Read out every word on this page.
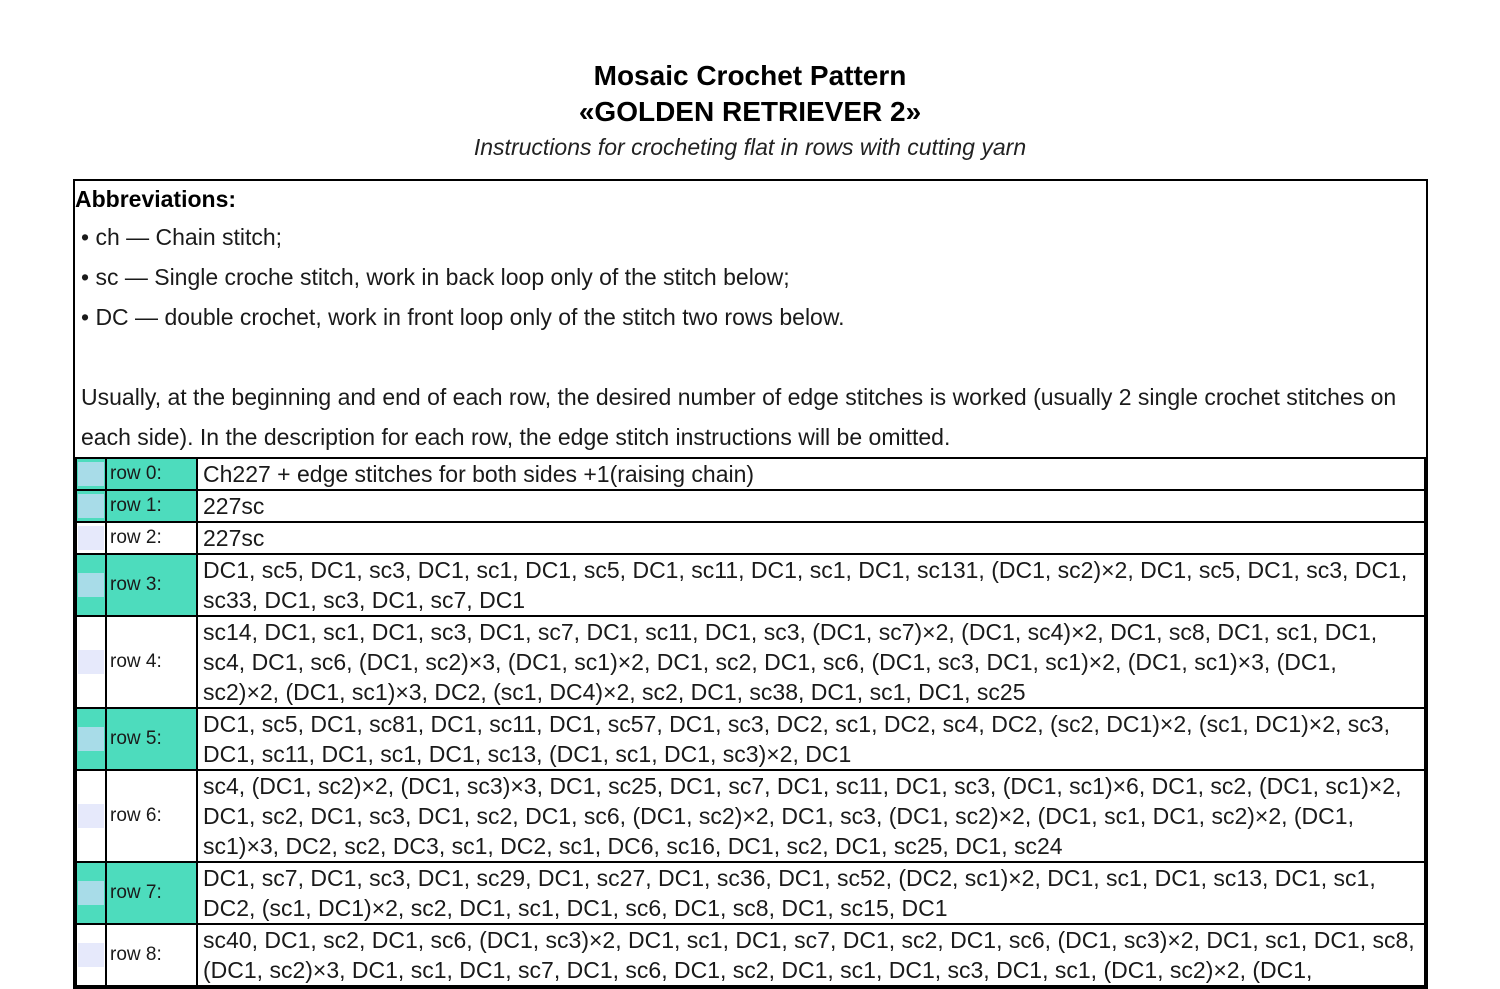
Mosaic Crochet Pattern
«GOLDEN RETRIEVER 2»
Instructions for crocheting flat in rows with cutting yarn
Abbreviations:
• ch — Chain stitch;
• sc — Single croche stitch, work in back loop only of the stitch below;
• DC — double crochet, work in front loop only of the stitch two rows below.
Usually, at the beginning and end of each row, the desired number of edge stitches is worked (usually 2 single crochet stitches on each side). In the description for each row, the edge stitch instructions will be omitted.
	row 0:	Ch227 + edge stitches for both sides +1(raising chain)

	row 1:	227sc

	row 2:	227sc

	row 3:	DC1, sc5, DC1, sc3, DC1, sc1, DC1, sc5, DC1, sc11, DC1, sc1, DC1, sc131, (DC1, sc2)×2, DC1, sc5, DC1, sc3, DC1, sc33, DC1, sc3, DC1, sc7, DC1

	row 4:	sc14, DC1, sc1, DC1, sc3, DC1, sc7, DC1, sc11, DC1, sc3, (DC1, sc7)×2, (DC1, sc4)×2, DC1, sc8, DC1, sc1, DC1, sc4, DC1, sc6, (DC1, sc2)×3, (DC1, sc1)×2, DC1, sc2, DC1, sc6, (DC1, sc3, DC1, sc1)×2, (DC1, sc1)×3, (DC1, sc2)×2, (DC1, sc1)×3, DC2, (sc1, DC4)×2, sc2, DC1, sc38, DC1, sc1, DC1, sc25

	row 5:	DC1, sc5, DC1, sc81, DC1, sc11, DC1, sc57, DC1, sc3, DC2, sc1, DC2, sc4, DC2, (sc2, DC1)×2, (sc1, DC1)×2, sc3, DC1, sc11, DC1, sc1, DC1, sc13, (DC1, sc1, DC1, sc3)×2, DC1

	row 6:	sc4, (DC1, sc2)×2, (DC1, sc3)×3, DC1, sc25, DC1, sc7, DC1, sc11, DC1, sc3, (DC1, sc1)×6, DC1, sc2, (DC1, sc1)×2, DC1, sc2, DC1, sc3, DC1, sc2, DC1, sc6, (DC1, sc2)×2, DC1, sc3, (DC1, sc2)×2, (DC1, sc1, DC1, sc2)×2, (DC1, sc1)×3, DC2, sc2, DC3, sc1, DC2, sc1, DC6, sc16, DC1, sc2, DC1, sc25, DC1, sc24

	row 7:	DC1, sc7, DC1, sc3, DC1, sc29, DC1, sc27, DC1, sc36, DC1, sc52, (DC2, sc1)×2, DC1, sc1, DC1, sc13, DC1, sc1, DC2, (sc1, DC1)×2, sc2, DC1, sc1, DC1, sc6, DC1, sc8, DC1, sc15, DC1

	row 8:	sc40, DC1, sc2, DC1, sc6, (DC1, sc3)×2, DC1, sc1, DC1, sc7, DC1, sc2, DC1, sc6, (DC1, sc3)×2, DC1, sc1, DC1, sc8, (DC1, sc2)×3, DC1, sc1, DC1, sc7, DC1, sc6, DC1, sc2, DC1, sc1, DC1, sc3, DC1, sc1, (DC1, sc2)×2, (DC1,
